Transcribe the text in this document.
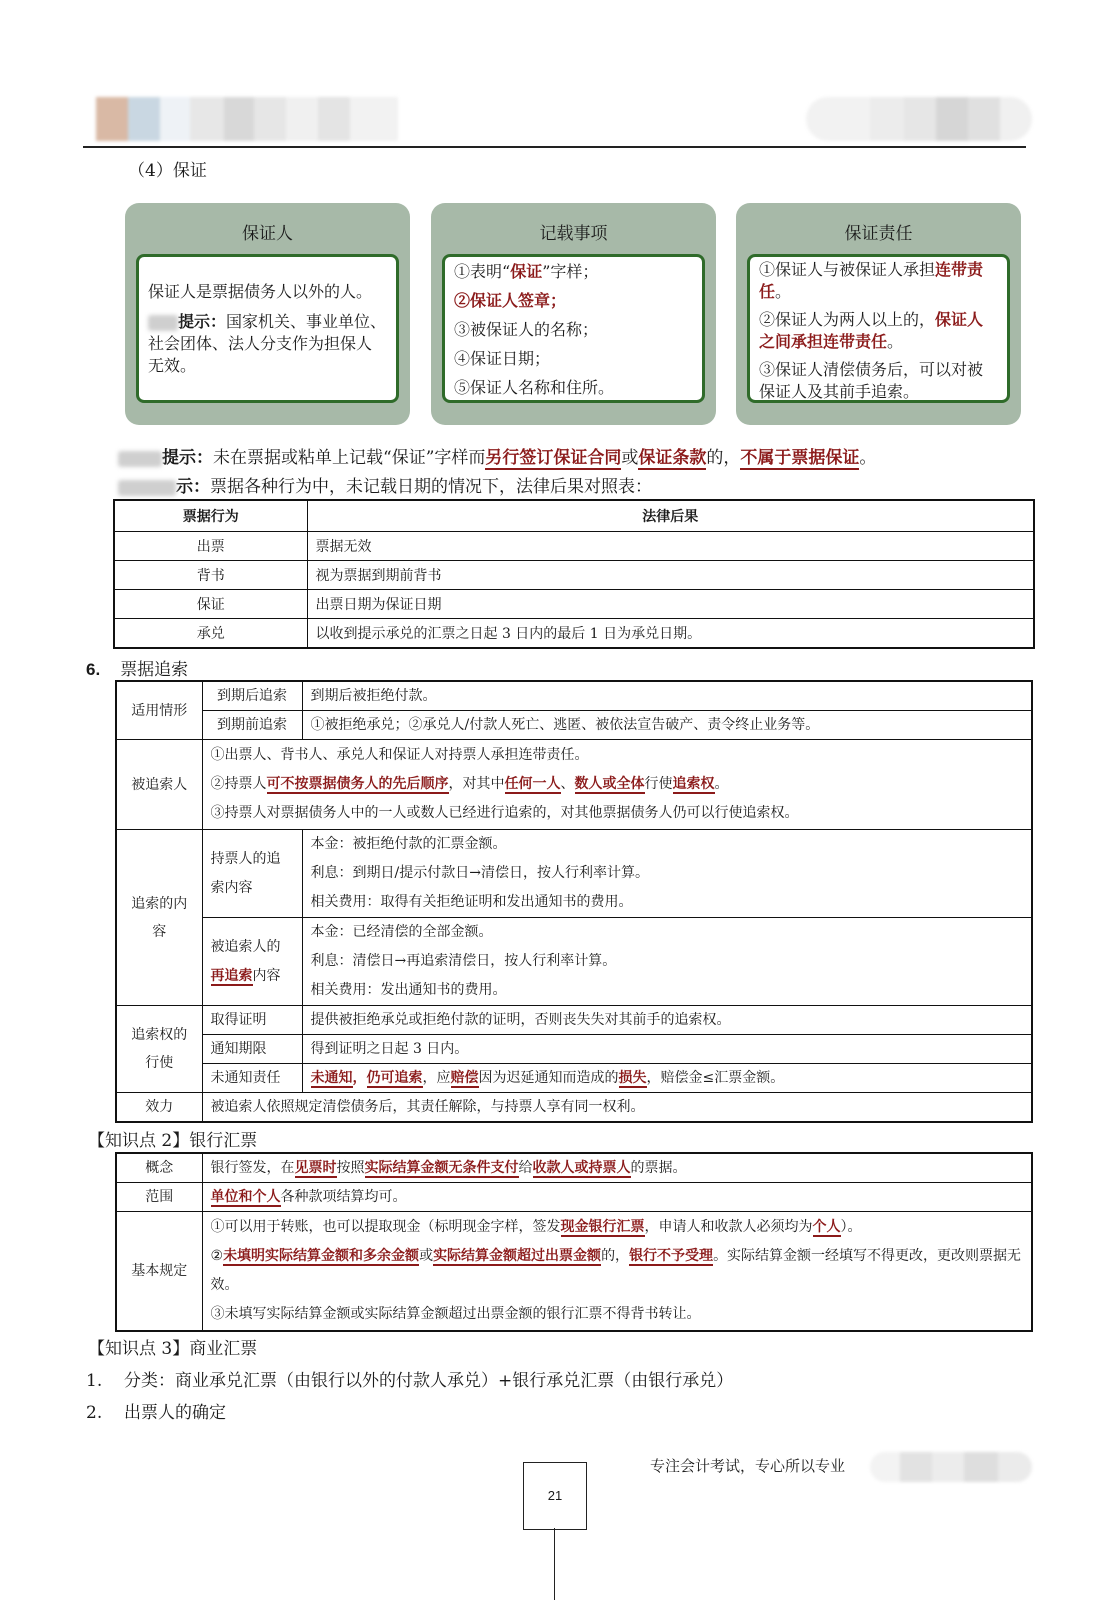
（4）保证
保证人

保证人是票据债务人以外的人。

提示：国家机关、事业单位、社会团体、法人分支作为担保人无效。

记载事项

①表明“保证”字样；

②保证人签章；

③被保证人的名称；

④保证日期；

⑤保证人名称和住所。

保证责任

①保证人与被保证人承担连带责任。

②保证人为两人以上的，保证人之间承担连带责任。

③保证人清偿债务后，可以对被保证人及其前手追索。

提示：未在票据或粘单上记载“保证”字样而另行签订保证合同或保证条款的，不属于票据保证。
示：票据各种行为中，未记载日期的情况下，法律后果对照表：
票据行为	法律后果
出票	票据无效
背书	视为票据到期前背书
保证	出票日期为保证日期
承兑	以收到提示承兑的汇票之日起 3 日内的最后 1 日为承兑日期。
6. 票据追索
适用情形	到期后追索	到期后被拒绝付款。
	到期前追索	①被拒绝承兑；②承兑人/付款人死亡、逃匿、被依法宣告破产、责令终止业务等。
被追索人	①出票人、背书人、承兑人和保证人对持票人承担连带责任。
②持票人可不按票据债务人的先后顺序，对其中任何一人、数人或全体行使追索权。
③持票人对票据债务人中的一人或数人已经进行追索的，对其他票据债务人仍可以行使追索权。	

追索的内容	持票人的追索内容	本金：被拒绝付款的汇票金额。
利息：到期日/提示付款日→清偿日，按人行利率计算。
相关费用：取得有关拒绝证明和发出通知书的费用。

	被追索人的再追索内容	本金：已经清偿的全部金额。
利息：清偿日→再追索清偿日，按人行利率计算。
相关费用：发出通知书的费用。

追索权的行使	取得证明	提供被拒绝承兑或拒绝付款的证明，否则丧失失对其前手的追索权。
	通知期限	得到证明之日起 3 日内。
	未通知责任	未通知，仍可追索，应赔偿因为迟延通知而造成的损失，赔偿金≤汇票金额。
效力	被追索人依照规定清偿债务后，其责任解除，与持票人享有同一权利。	
【知识点 2】银行汇票
概念	银行签发，在见票时按照实际结算金额无条件支付给收款人或持票人的票据。
范围	单位和个人各种款项结算均可。
基本规定	①可以用于转账，也可以提取现金（标明现金字样，签发现金银行汇票，申请人和收款人必须均为个人）。
②未填明实际结算金额和多余金额或实际结算金额超过出票金额的，银行不予受理。实际结算金额一经填写不得更改，更改则票据无效。
③未填写实际结算金额或实际结算金额超过出票金额的银行汇票不得背书转让。
【知识点 3】商业汇票
1. 分类：商业承兑汇票（由银行以外的付款人承兑）+银行承兑汇票（由银行承兑）
2. 出票人的确定
专注会计考试，专心所以专业
21
